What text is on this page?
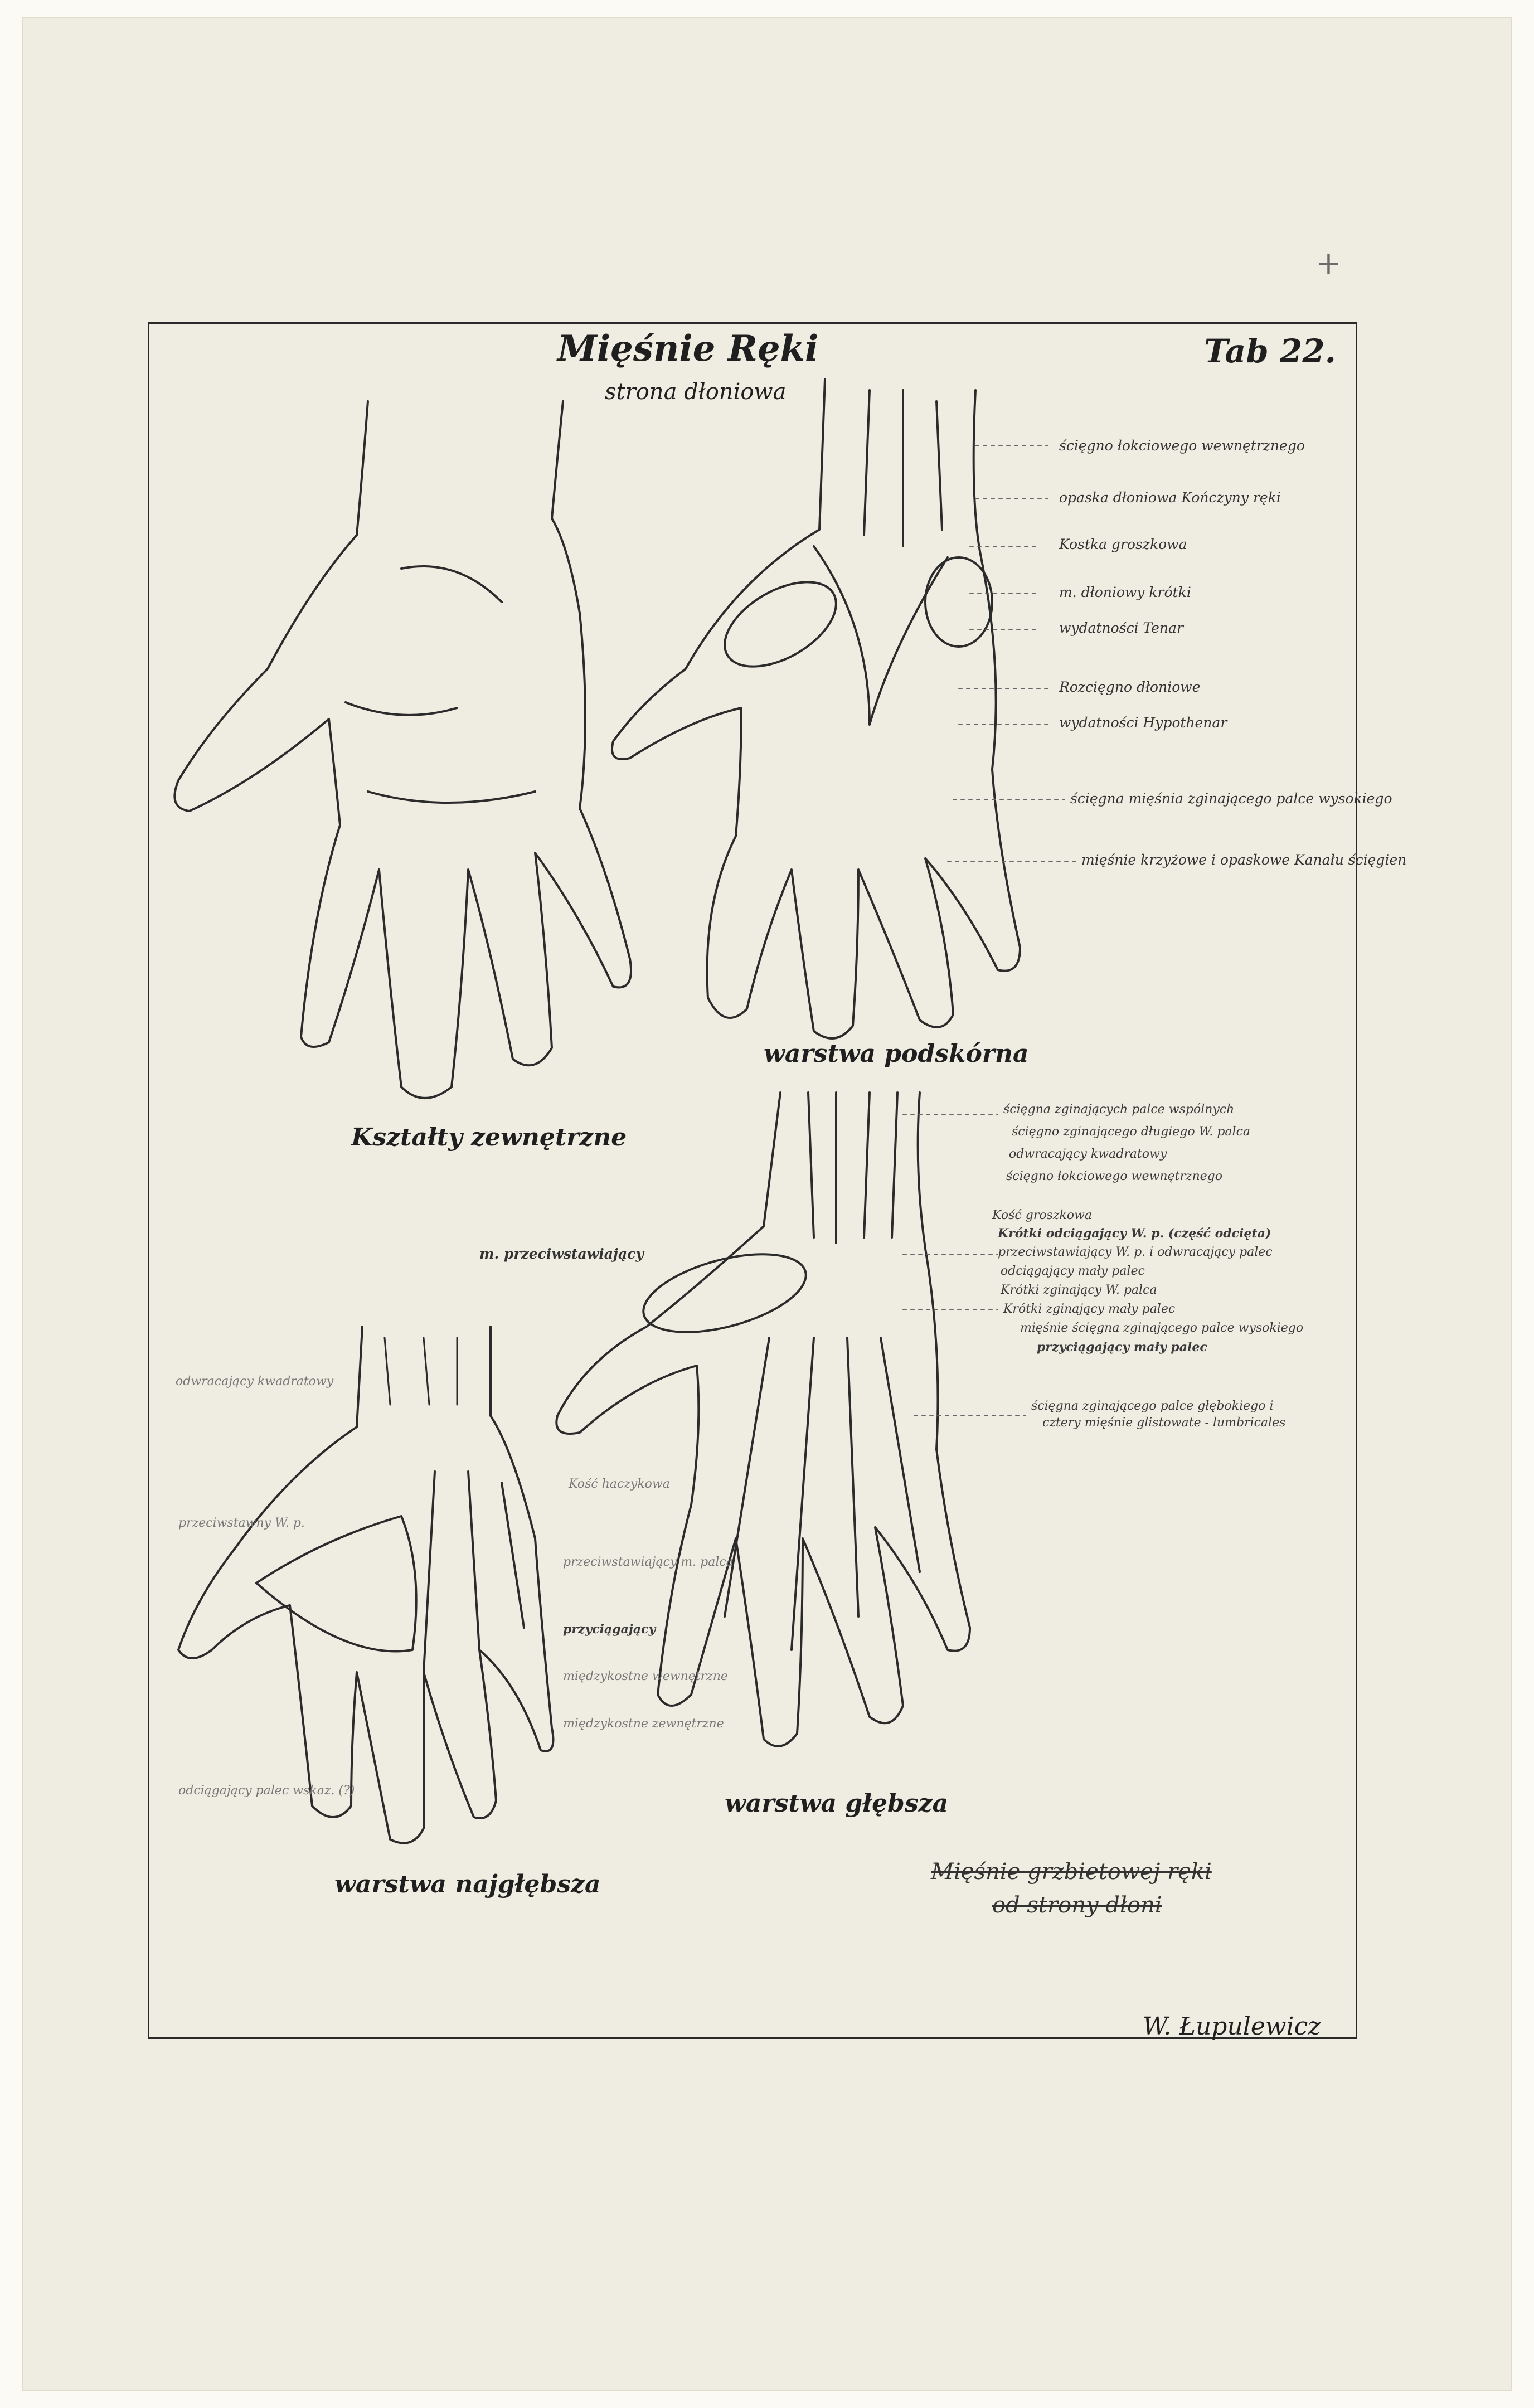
Mięśnie Ręki
strona dłoniowa
Tab 22.
+
Kształty zewnętrzne
warstwa podskórna
warstwa głębsza
warstwa najgłębsza
ścięgno łokciowego wewnętrznego
opaska dłoniowa Kończyny ręki
Kostka groszkowa
m. dłoniowy krótki
wydatności Tenar
Rozcięgno dłoniowe
wydatności Hypothenar
ścięgna mięśnia zginającego palce wysokiego
mięśnie krzyżowe i opaskowe Kanału ścięgien
ścięgna zginających palce wspólnych
ścięgno zginającego długiego W. palca
odwracający kwadratowy
ścięgno łokciowego wewnętrznego
Kość groszkowa
Krótki odciągający W. p. (część odcięta)
przeciwstawiający W. p. i odwracający palec
odciągający mały palec
Krótki zginający W. palca
Krótki zginający mały palec
mięśnie ścięgna zginającego palce wysokiego
przyciągający mały palec
ścięgna zginającego palce głębokiego i
cztery mięśnie glistowate - lumbricales
m. przeciwstawiający
odwracający kwadratowy
przeciwstawny W. p.
Kość haczykowa
przeciwstawiający m. palca
przyciągający
międzykostne wewnętrzne
międzykostne zewnętrzne
odciągający palec wskaz. (?)
Mięśnie grzbietowej ręki
od strony dłoni
W. Łupulewicz
